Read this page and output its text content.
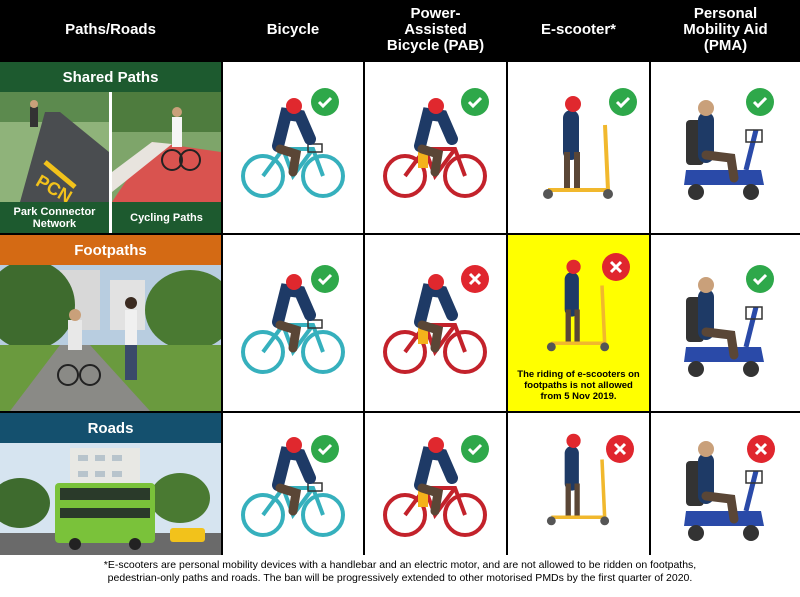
Paths/Roads	Bicycle
Power-
Assisted
Bicycle (PAB)
E-scooter*
Personal
Mobility Aid
(PMA)
Shared Paths
PCN
Park Connector
Network	Cycling Paths
Footpaths
The riding of e-scooters on
footpaths is not allowed
from 5 Nov 2019.
Roads
*E-scooters are personal mobility devices with a handlebar and an electric motor, and are not allowed to be ridden on footpaths,
pedestrian-only paths and roads. The ban will be progressively extended to other motorised PMDs by the first quarter of 2020.
